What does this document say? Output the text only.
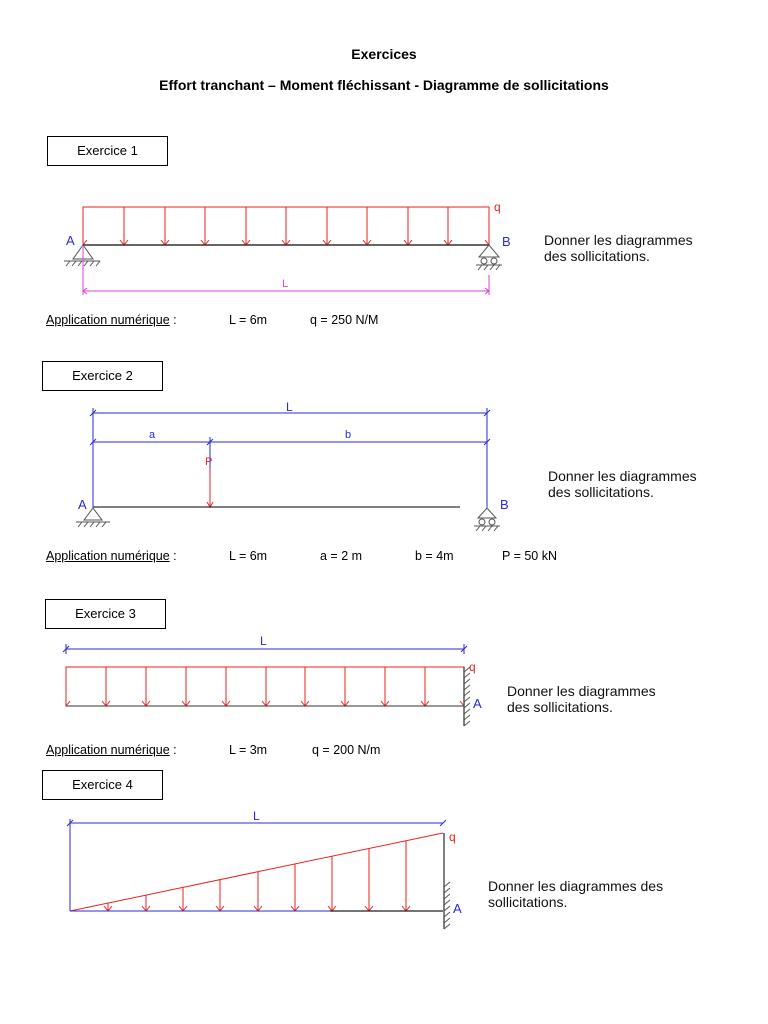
Exercices
Effort tranchant – Moment fléchissant - Diagramme de sollicitations
Exercice 1
A	B
q
L
Donner les diagrammes
des sollicitations.
Application numérique :	L = 6m	q = 250 N/M
Exercice 2
L
a	b
P
A	B
Donner les diagrammes
des sollicitations.
Application numérique :	L = 6m	a = 2 m	b = 4m	P = 50 kN
Exercice 3
L
q
A
Donner les diagrammes
des sollicitations.
Application numérique :	L = 3m	q = 200 N/m
Exercice 4
L
q
A
Donner les diagrammes des
sollicitations.
